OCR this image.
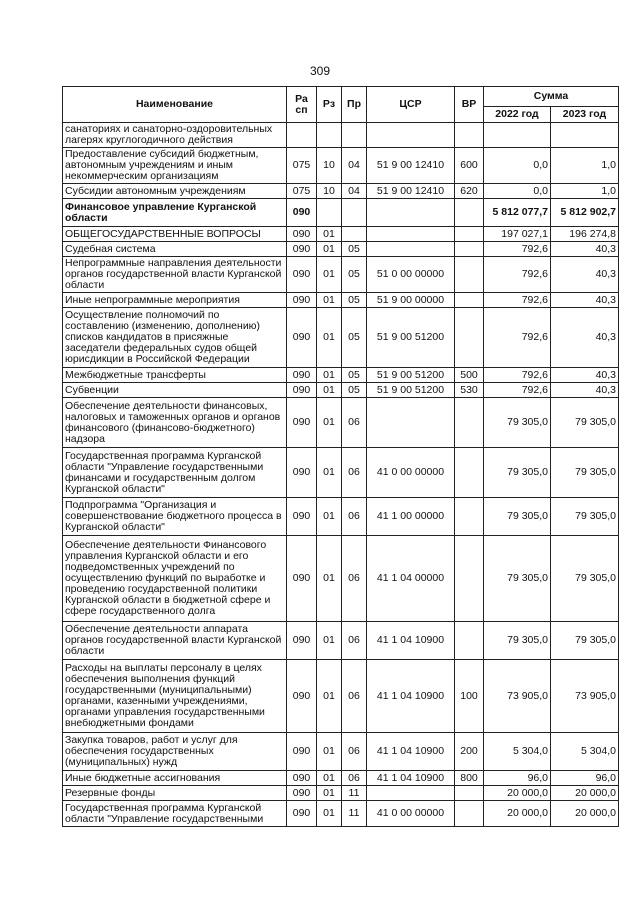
309
Наименование	Ра сп	Рз	Пр	ЦСР	ВР	Сумма	
						2022 год	2023 год
санаториях и санаторно-оздоровительных лагерях круглогодичного действия							
Предоставление субсидий бюджетным, автономным учреждениям и иным некоммерческим организациям	075	10	04	51 9 00 12410	600	0,0	1,0
Субсидии автономным учреждениям	075	10	04	51 9 00 12410	620	0,0	1,0
Финансовое управление Курганской области	090					5 812 077,7	5 812 902,7
ОБЩЕГОСУДАРСТВЕННЫЕ ВОПРОСЫ	090	01				197 027,1	196 274,8
Судебная система	090	01	05			792,6	40,3
Непрограммные направления деятельности органов государственной власти Курганской области	090	01	05	51 0 00 00000		792,6	40,3
Иные непрограммные мероприятия	090	01	05	51 9 00 00000		792,6	40,3
Осуществление полномочий по составлению (изменению, дополнению) списков кандидатов в присяжные заседатели федеральных судов общей юрисдикции в Российской Федерации	090	01	05	51 9 00 51200		792,6	40,3
Межбюджетные трансферты	090	01	05	51 9 00 51200	500	792,6	40,3
Субвенции	090	01	05	51 9 00 51200	530	792,6	40,3
Обеспечение деятельности финансовых, налоговых и таможенных органов и органов финансового (финансово-бюджетного) надзора	090	01	06			79 305,0	79 305,0
Государственная программа Курганской области "Управление государственными финансами и государственным долгом Курганской области"	090	01	06	41 0 00 00000		79 305,0	79 305,0
Подпрограмма "Организация и совершенствование бюджетного процесса в Курганской области"	090	01	06	41 1 00 00000		79 305,0	79 305,0
Обеспечение деятельности Финансового управления Курганской области и его подведомственных учреждений по осуществлению функций по выработке и проведению государственной политики Курганской области в бюджетной сфере и сфере государственного долга	090	01	06	41 1 04 00000		79 305,0	79 305,0
Обеспечение деятельности аппарата органов государственной власти Курганской области	090	01	06	41 1 04 10900		79 305,0	79 305,0
Расходы на выплаты персоналу в целях обеспечения выполнения функций государственными (муниципальными) органами, казенными учреждениями, органами управления государственными внебюджетными фондами	090	01	06	41 1 04 10900	100	73 905,0	73 905,0
Закупка товаров, работ и услуг для обеспечения государственных (муниципальных) нужд	090	01	06	41 1 04 10900	200	5 304,0	5 304,0
Иные бюджетные ассигнования	090	01	06	41 1 04 10900	800	96,0	96,0
Резервные фонды	090	01	11			20 000,0	20 000,0
Государственная программа Курганской области "Управление государственными	090	01	11	41 0 00 00000		20 000,0	20 000,0
